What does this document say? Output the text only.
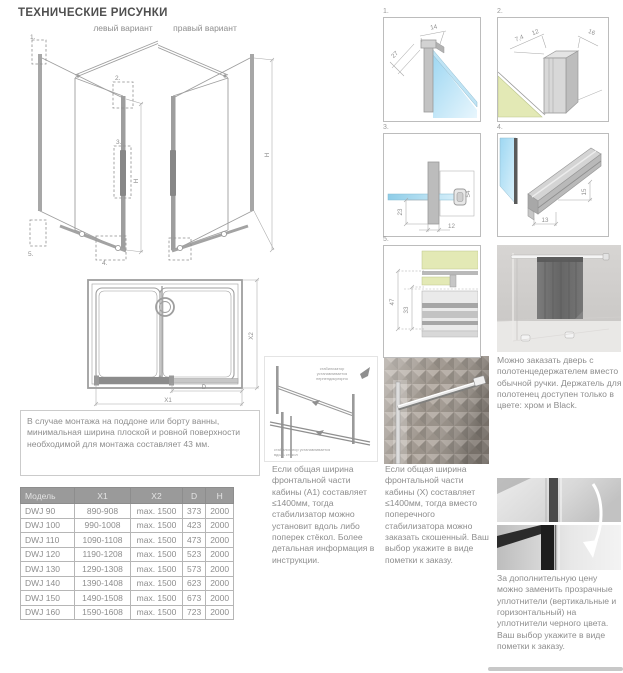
ТЕХНИЧЕСКИЕ РИСУНКИ
левый вариант	правый вариант
1.
2.
3.
4.
5.
H
H
X2
D
X1
В случае монтажа на поддоне или борту ванны, минимальная ширина плоской и ровной поверхности необходимой для монтажа составляет 43 мм.
Модель	X1	X2	D	H
DWJ 90	890-908	max. 1500	373	2000
DWJ 100	990-1008	max. 1500	423	2000
DWJ 110	1090-1108	max. 1500	473	2000
DWJ 120	1190-1208	max. 1500	523	2000
DWJ 130	1290-1308	max. 1500	573	2000
DWJ 140	1390-1408	max. 1500	623	2000
DWJ 150	1490-1508	max. 1500	673	2000
DWJ 160	1590-1608	max. 1500	723	2000
стабилизатор
устанавливается
перпендикулярно
стабилизатор устанавливается
вдоль стёкол
Если общая ширина фронтальной части кабины (A1) составляет ≤1400мм, тогда стабилизатор можно установит вдоль либо поперек стёкол. Более детальная информация в инструкции.
Если общая ширина фронтальной части кабины (X) составляет ≤1400мм, тогда вместо поперечного стабилизатора можно заказать скошенный. Ваш выбор укажите в виде пометки к заказу.
Можно заказать дверь с полотенцедержателем вместо обычной ручки. Держатель для полотенец доступен только в цвете: хром и Black.
За дополнительную цену можно заменить прозрачные уплотнители (вертикальные и горизонтальный) на уплотнители черного цвета. Ваш выбор укажите в виде пометки к заказу.
1.
14
27
2.
7,4
12	16
3.
23
12
54
4.
13
15
5.
47
33
